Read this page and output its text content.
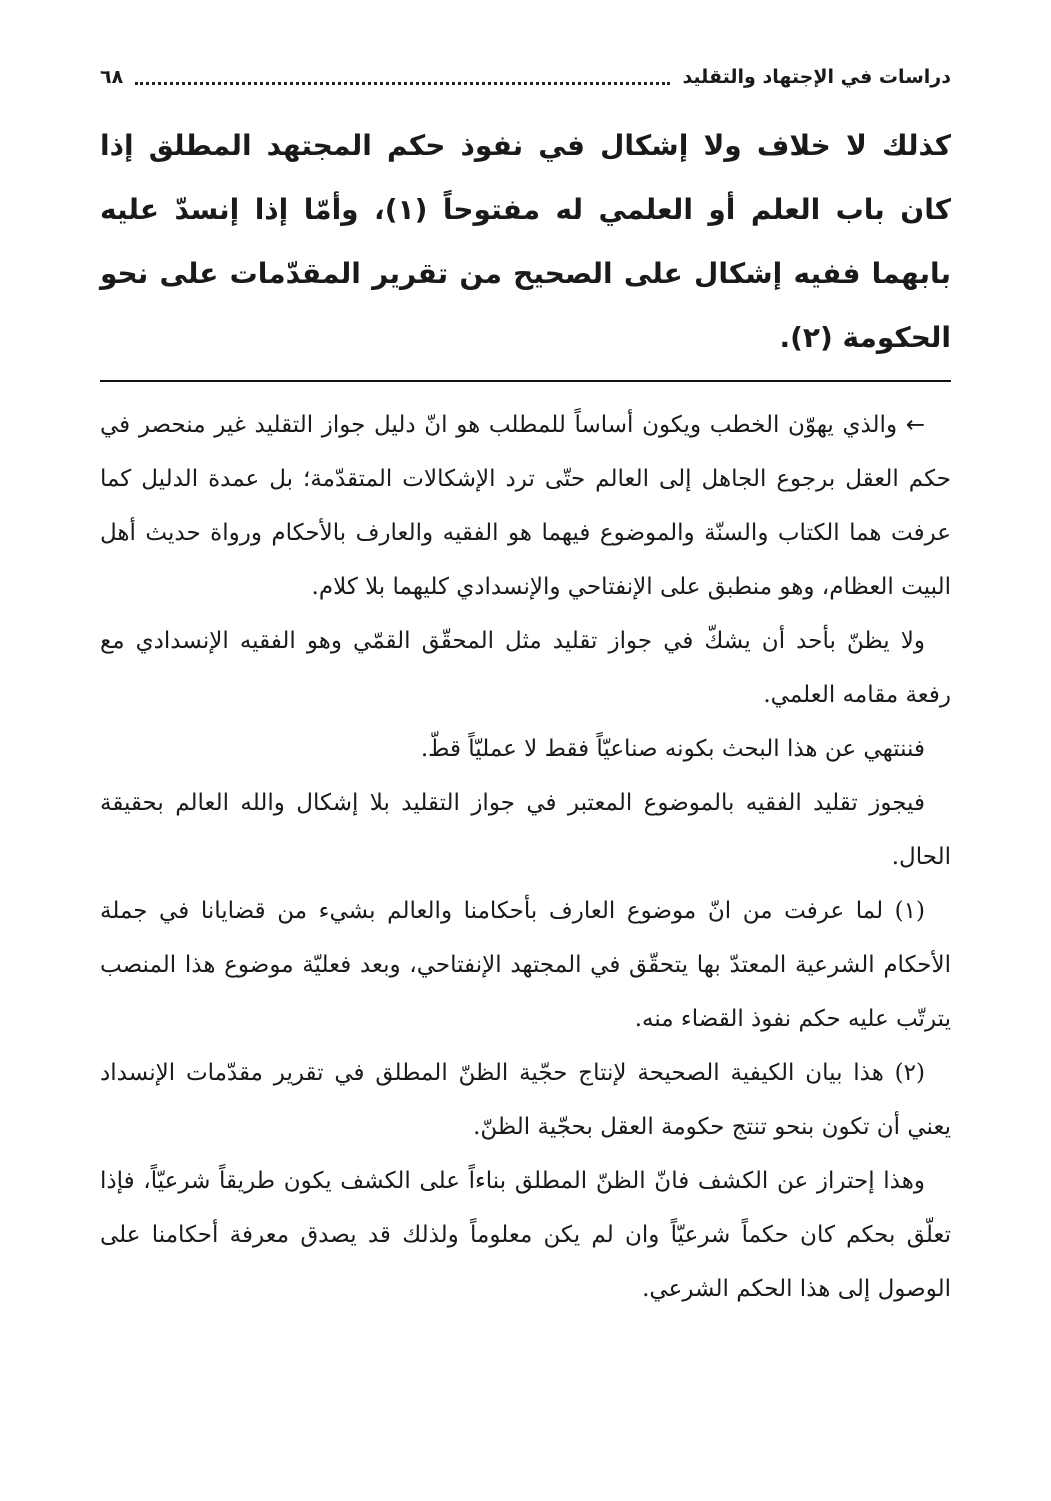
دراسات في الإجتهاد والتقليد
٦٨
كذلك لا خلاف ولا إشكال في نفوذ حكم المجتهد المطلق إذا كان باب العلم أو العلمي له مفتوحاً (١)، وأمّا إذا إنسدّ عليه بابهما ففيه إشكال على الصحيح من تقرير المقدّمات على نحو الحكومة (٢).

← والذي يهوّن الخطب ويكون أساساً للمطلب هو انّ دليل جواز التقليد غير منحصر في حكم العقل برجوع الجاهل إلى العالم حتّى ترد الإشكالات المتقدّمة؛ بل عمدة الدليل كما عرفت هما الكتاب والسنّة والموضوع فيهما هو الفقيه والعارف بالأحكام ورواة حديث أهل البيت العظام، وهو منطبق على الإنفتاحي والإنسدادي كليهما بلا كلام.

ولا يظنّ بأحد أن يشكّ في جواز تقليد مثل المحقّق القمّي وهو الفقيه الإنسدادي مع رفعة مقامه العلمي.

فننتهي عن هذا البحث بكونه صناعيّاً فقط لا عمليّاً قطّ.

فيجوز تقليد الفقيه بالموضوع المعتبر في جواز التقليد بلا إشكال والله العالم بحقيقة الحال.

(١) لما عرفت من انّ موضوع العارف بأحكامنا والعالم بشيء من قضايانا في جملة الأحكام الشرعية المعتدّ بها يتحقّق في المجتهد الإنفتاحي، وبعد فعليّة موضوع هذا المنصب يترتّب عليه حكم نفوذ القضاء منه.

(٢) هذا بيان الكيفية الصحيحة لإنتاج حجّية الظنّ المطلق في تقرير مقدّمات الإنسداد يعني أن تكون بنحو تنتج حكومة العقل بحجّية الظنّ.

وهذا إحتراز عن الكشف فانّ الظنّ المطلق بناءاً على الكشف يكون طريقاً شرعيّاً، فإذا تعلّق بحكم كان حكماً شرعيّاً وان لم يكن معلوماً ولذلك قد يصدق معرفة أحكامنا على الوصول إلى هذا الحكم الشرعي.
